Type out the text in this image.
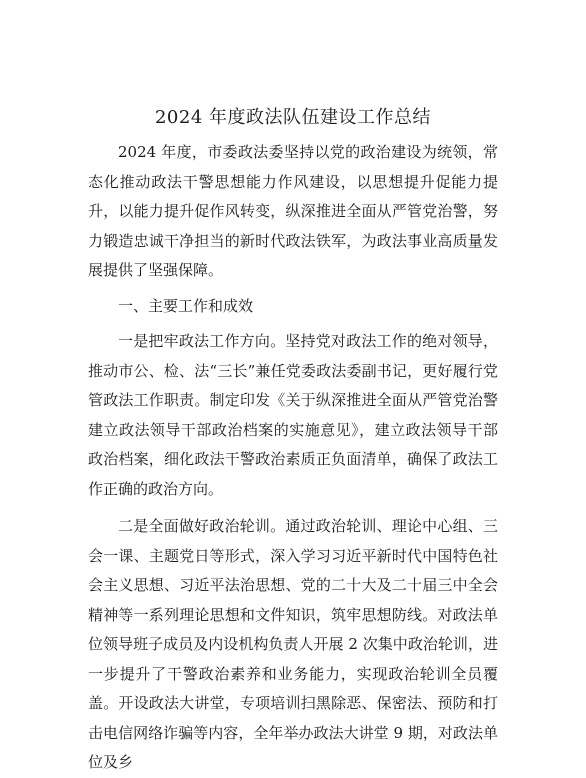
2024 年度政法队伍建设工作总结

2024 年度，市委政法委坚持以党的政治建设为统领，常态化推动政法干警思想能力作风建设，以思想提升促能力提升，以能力提升促作风转变，纵深推进全面从严管党治警，努力锻造忠诚干净担当的新时代政法铁军，为政法事业高质量发展提供了坚强保障。

一、主要工作和成效

一是把牢政法工作方向。坚持党对政法工作的绝对领导，推动市公、检、法“三长”兼任党委政法委副书记，更好履行党管政法工作职责。制定印发《关于纵深推进全面从严管党治警建立政法领导干部政治档案的实施意见》，建立政法领导干部政治档案，细化政法干警政治素质正负面清单，确保了政法工作正确的政治方向。

二是全面做好政治轮训。通过政治轮训、理论中心组、三会一课、主题党日等形式，深入学习习近平新时代中国特色社会主义思想、习近平法治思想、党的二十大及二十届三中全会精神等一系列理论思想和文件知识，筑牢思想防线。对政法单位领导班子成员及内设机构负责人开展 2 次集中政治轮训，进一步提升了干警政治素养和业务能力，实现政治轮训全员覆盖。开设政法大讲堂，专项培训扫黑除恶、保密法、预防和打击电信网络诈骗等内容，全年举办政法大讲堂 9 期，对政法单位及乡
